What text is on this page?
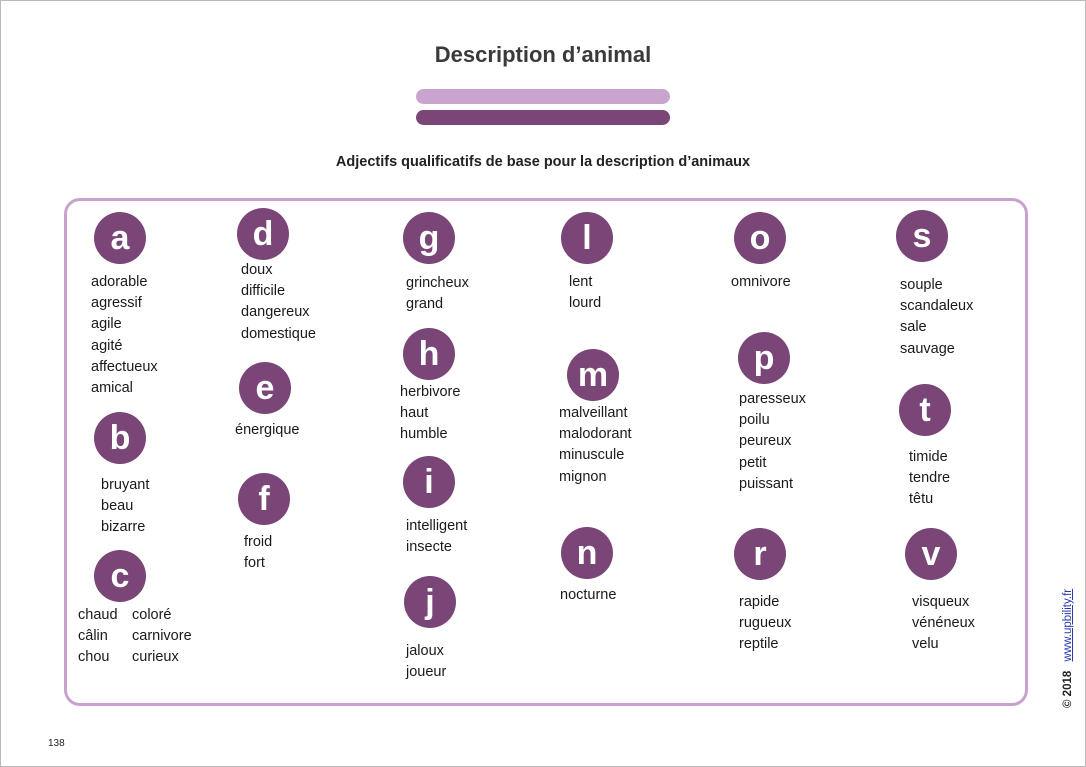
Description d’animal
Adjectifs qualificatifs de base pour la description d’animaux
a
adorable
agressif
agile
agité
affectueux
amical
b
bruyant
beau
bizarre
c
chaud
câlin
chou
coloré
carnivore
curieux
d
doux
difficile
dangereux
domestique
e
énergique
f
froid
fort
g
grincheux
grand
h
herbivore
haut
humble
i
intelligent
insecte
j
jaloux
joueur
l
lent
lourd
m
malveillant
malodorant
minuscule
mignon
n
nocturne
o
omnivore
p
paresseux
poilu
peureux
petit
puissant
r
rapide
rugueux
reptile
s
souple
scandaleux
sale
sauvage
t
timide
tendre
têtu
v
visqueux
vénéneux
velu
© 2018 www.upbility.fr
138
